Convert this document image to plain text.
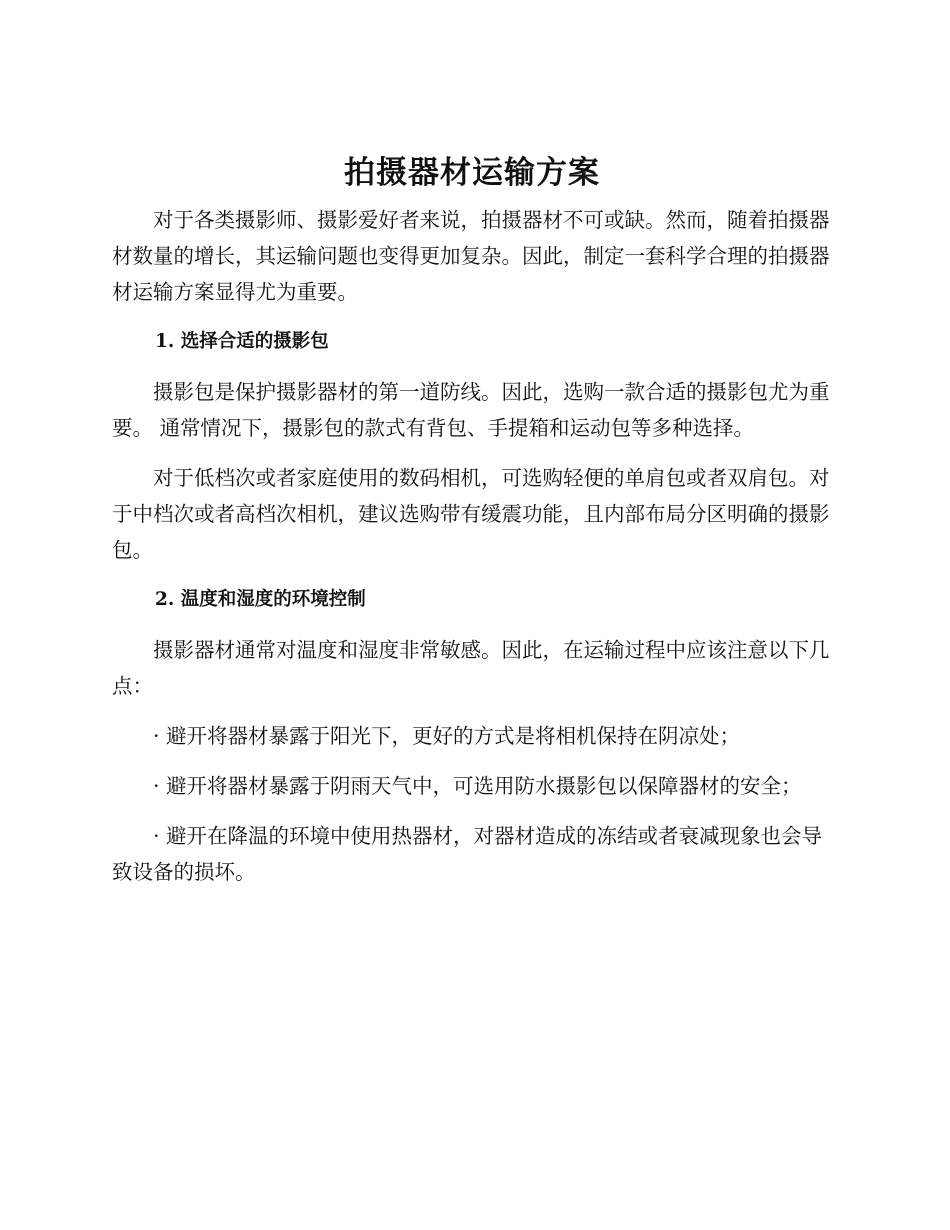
拍摄器材运输方案

对于各类摄影师、摄影爱好者来说，拍摄器材不可或缺。然而，随着拍摄器材数量的增长，其运输问题也变得更加复杂。因此，制定一套科学合理的拍摄器材运输方案显得尤为重要。

1. 选择合适的摄影包

摄影包是保护摄影器材的第一道防线。因此，选购一款合适的摄影包尤为重要。 通常情况下，摄影包的款式有背包、手提箱和运动包等多种选择。

对于低档次或者家庭使用的数码相机，可选购轻便的单肩包或者双肩包。对于中档次或者高档次相机，建议选购带有缓震功能，且内部布局分区明确的摄影包。

2. 温度和湿度的环境控制

摄影器材通常对温度和湿度非常敏感。因此，在运输过程中应该注意以下几点：

· 避开将器材暴露于阳光下，更好的方式是将相机保持在阴凉处；

· 避开将器材暴露于阴雨天气中，可选用防水摄影包以保障器材的安全；

· 避开在降温的环境中使用热器材，对器材造成的冻结或者衰减现象也会导致设备的损坏。
